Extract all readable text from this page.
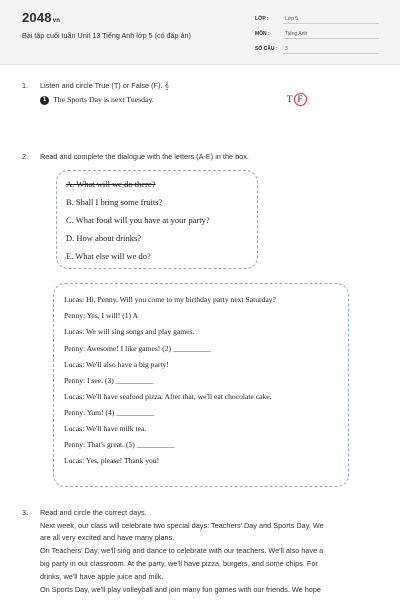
2048vn
Bài tập cuối tuần Unit 13 Tiếng Anh lớp 5 (có đáp án)
LỚP :	Lớp 5
MÔN :	Tiếng Anh
SỐ CÂU : 3
1. Listen and circle True (T) or False (F). 𝄞
1 The Sports Day is next Tuesday.	T F
2. Read and complete the dialogue with the letters (A-E) in the box.
A. What will we do there?
B. Shall I bring some fruits?
C. What food will you have at your party?
D. How about drinks?
E. What else will we do?
Lucas: Hi, Penny. Will you come to my birthday party next Saturday?
Penny: Yes, I will! (1) A
Lucas: We will sing songs and play games.
Penny: Awesome! I like games! (2) __________
Lucas: We'll also have a big party!
Penny: I see. (3) __________
Lucas: We'll have seafood pizza. After that, we'll eat chocolate cake.
Penny: Yum! (4) __________
Lucas: We'll have milk tea.
Penny: That's great. (5) __________
Lucas: Yes, please! Thank you!
3. Read and circle the correct days.
Next week, our class will celebrate two special days: Teachers' Day and Sports Day. We
are all very excited and have many plans.
On Teachers' Day, we'll sing and dance to celebrate with our teachers. We'll also have a
big party in our classroom. At the party, we'll have pizza, burgers, and some chips. For
drinks, we'll have apple juice and milk.
On Sports Day, we'll play volleyball and join many fun games with our friends. We hope
